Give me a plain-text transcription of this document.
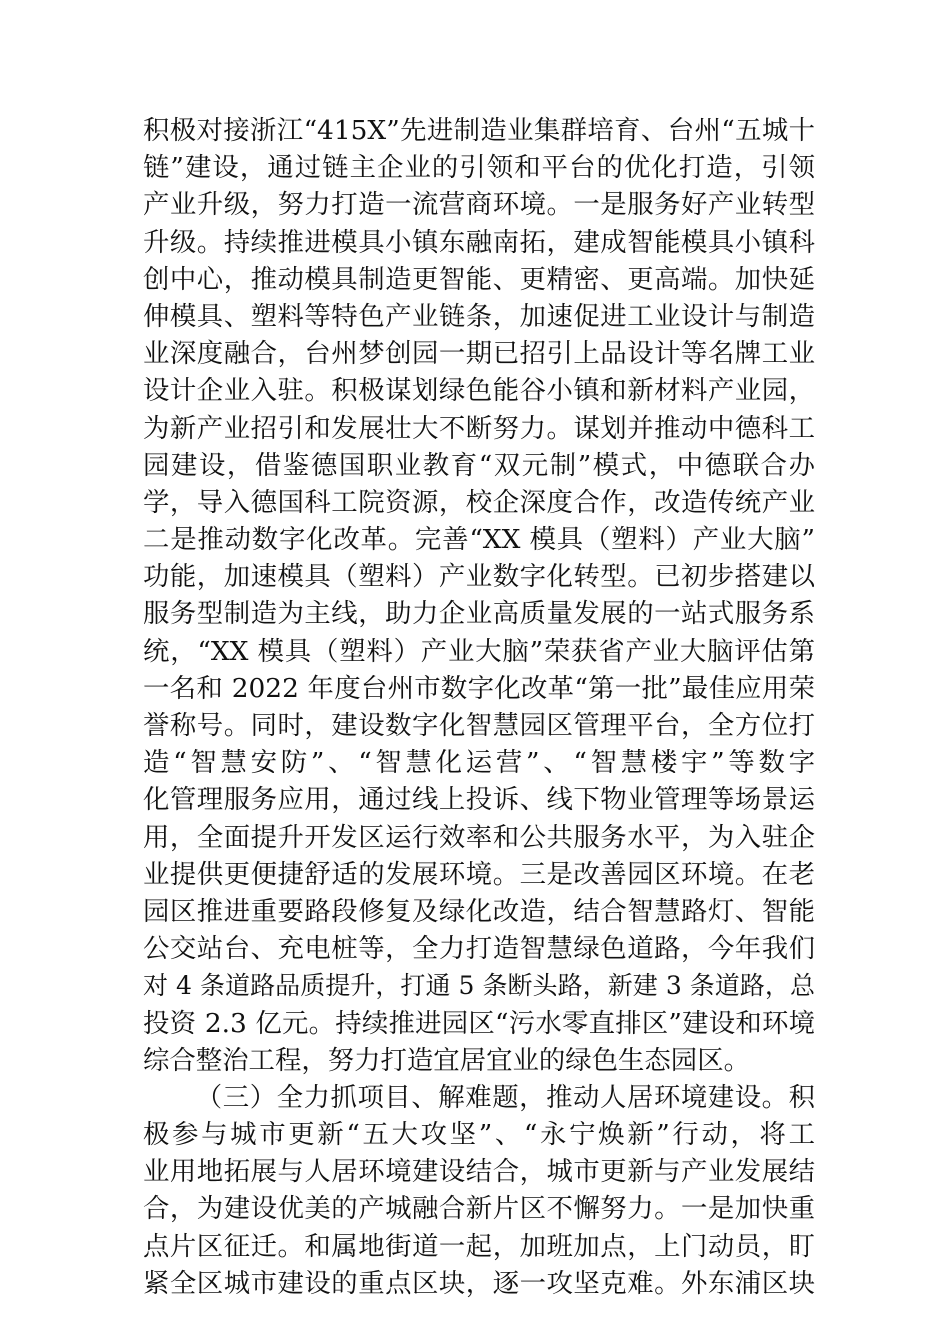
积极对接浙江“415X”先进制造业集群培育、台州“五城十
链”建设，通过链主企业的引领和平台的优化打造，引领
产业升级，努力打造一流营商环境。一是服务好产业转型
升级。持续推进模具小镇东融南拓，建成智能模具小镇科
创中心，推动模具制造更智能、更精密、更高端。加快延
伸模具、塑料等特色产业链条，加速促进工业设计与制造
业深度融合，台州梦创园一期已招引上品设计等名牌工业
设计企业入驻。积极谋划绿色能谷小镇和新材料产业园，
为新产业招引和发展壮大不断努力。谋划并推动中德科工
园建设，借鉴德国职业教育“双元制”模式，中德联合办
学，导入德国科工院资源，校企深度合作，改造传统产业
二是推动数字化改革。完善“XX 模具（塑料）产业大脑”
功能，加速模具（塑料）产业数字化转型。已初步搭建以
服务型制造为主线，助力企业高质量发展的一站式服务系
统，“XX 模具（塑料）产业大脑”荣获省产业大脑评估第
一名和 2022 年度台州市数字化改革“第一批”最佳应用荣
誉称号。同时，建设数字化智慧园区管理平台，全方位打
造“智慧安防”、“智慧化运营”、“智慧楼宇”等数字
化管理服务应用，通过线上投诉、线下物业管理等场景运
用，全面提升开发区运行效率和公共服务水平，为入驻企
业提供更便捷舒适的发展环境。三是改善园区环境。在老
园区推进重要路段修复及绿化改造，结合智慧路灯、智能
公交站台、充电桩等，全力打造智慧绿色道路，今年我们
对 4 条道路品质提升，打通 5 条断头路，新建 3 条道路，总
投资 2.3 亿元。持续推进园区“污水零直排区”建设和环境
综合整治工程，努力打造宜居宜业的绿色生态园区。
（三）全力抓项目、解难题，推动人居环境建设。积
极参与城市更新“五大攻坚”、“永宁焕新”行动，将工
业用地拓展与人居环境建设结合，城市更新与产业发展结
合，为建设优美的产城融合新片区不懈努力。一是加快重
点片区征迁。和属地街道一起，加班加点，上门动员，盯
紧全区城市建设的重点区块，逐一攻坚克难。外东浦区块
